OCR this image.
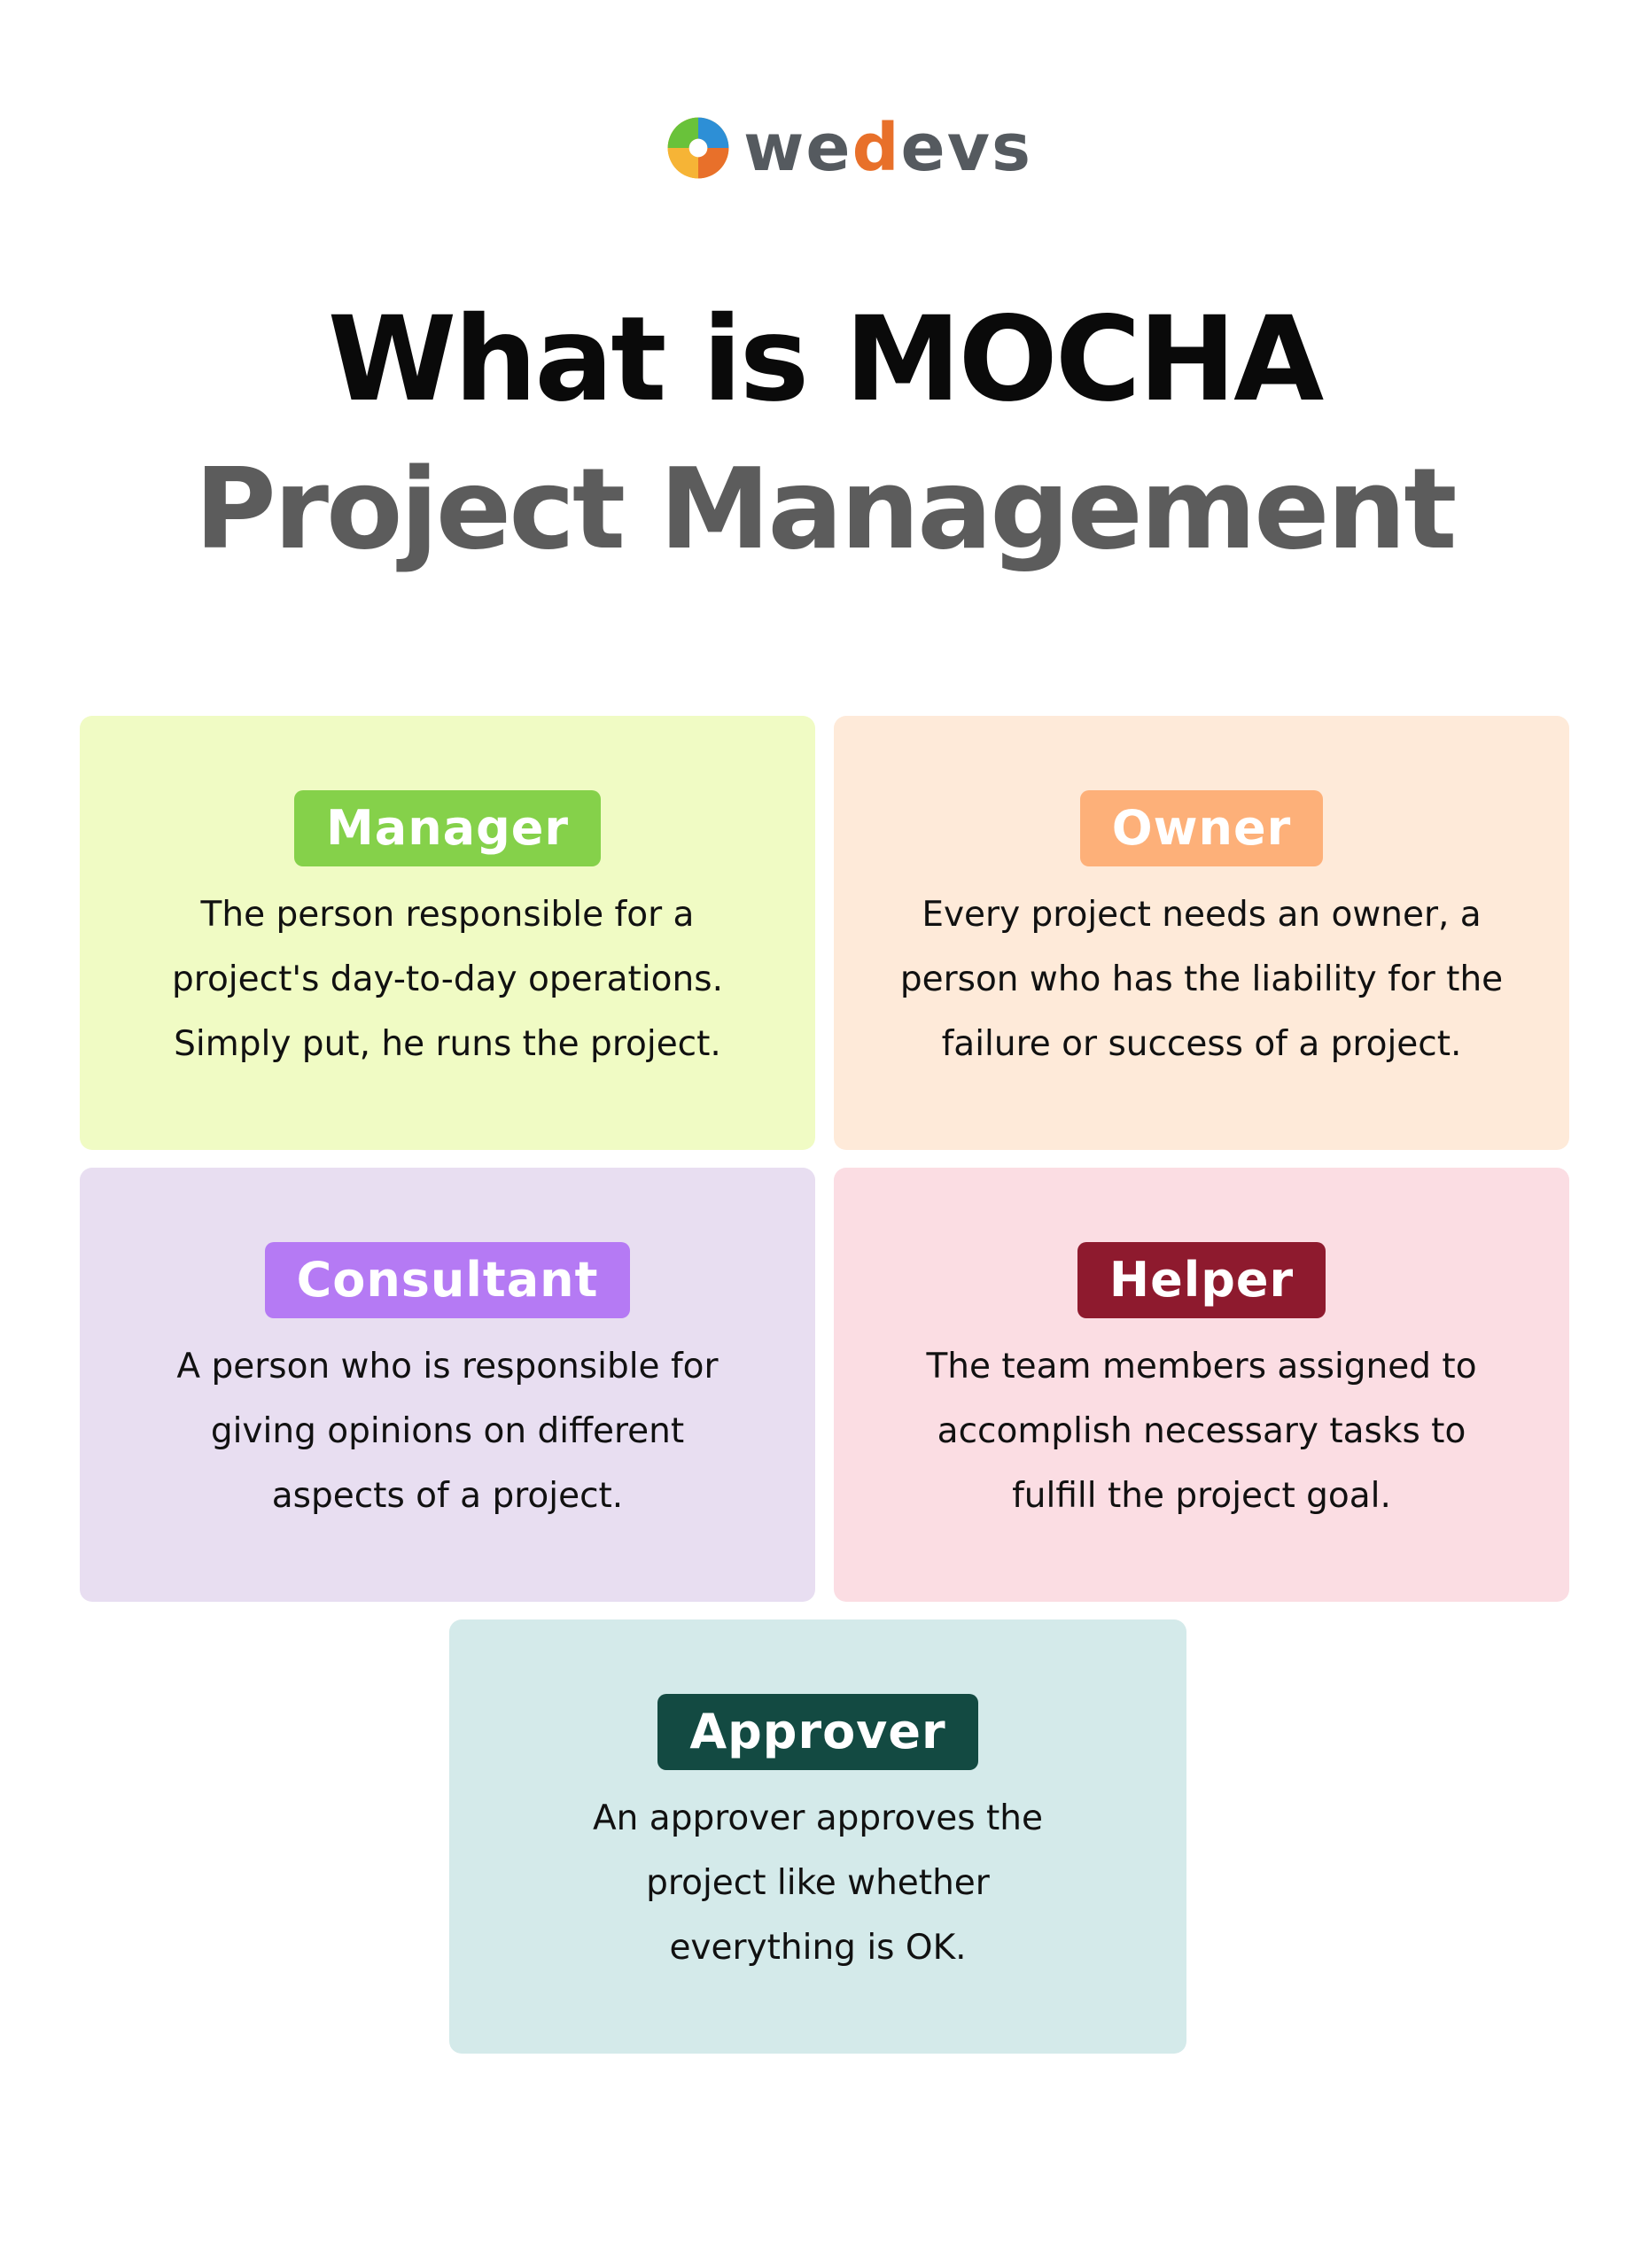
wedevs
What is MOCHA
Project Management
Manager
The person responsible for a
project's day-to-day operations.
Simply put, he runs the project.
Owner
Every project needs an owner, a
person who has the liability for the
failure or success of a project.
Consultant
A person who is responsible for
giving opinions on different
aspects of a project.
Helper
The team members assigned to
accomplish necessary tasks to
fulfill the project goal.
Approver
An approver approves the
project like whether
everything is OK.
